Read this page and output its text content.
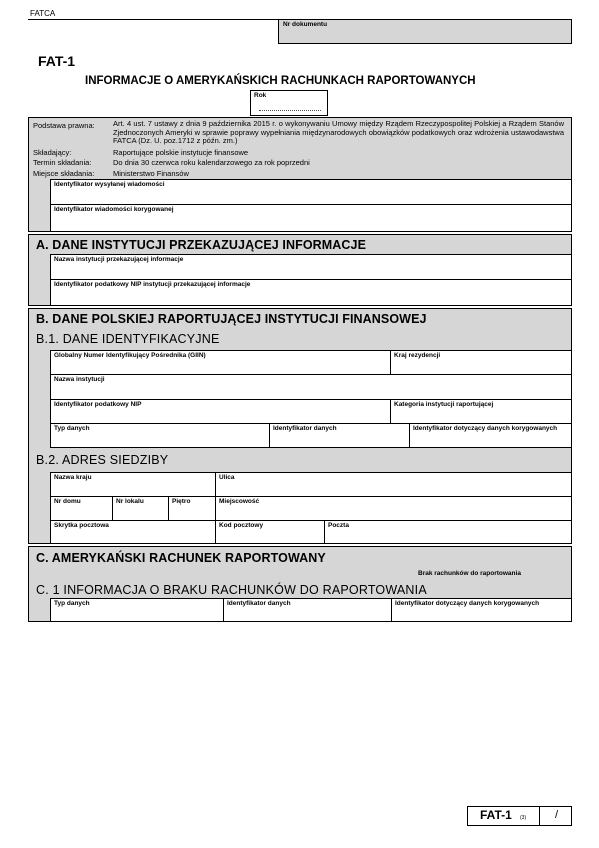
FATCA
Nr dokumentu
FAT-1
INFORMACJE O AMERYKAŃSKICH RACHUNKACH RAPORTOWANYCH
Rok
Podstawa prawna: Art. 4 ust. 7 ustawy z dnia 9 października 2015 r. o wykonywaniu Umowy między Rządem Rzeczypospolitej Polskiej a Rządem Stanów Zjednoczonych Ameryki w sprawie poprawy wypełniania międzynarodowych obowiązków podatkowych oraz wdrożenia ustawodawstwa FATCA (Dz. U. poz.1712 z późn. zm.)
Składający:	Raportujące polskie instytucje finansowe
Termin składania:	Do dnia 30 czerwca roku kalendarzowego za rok poprzedni
Miejsce składania: Ministerstwo Finansów
Identyfikator wysyłanej wiadomości
Identyfikator wiadomości korygowanej
A. DANE INSTYTUCJI PRZEKAZUJĄCEJ INFORMACJE
Nazwa instytucji przekazującej informacje
Identyfikator podatkowy NIP instytucji przekazującej informacje
B. DANE POLSKIEJ RAPORTUJĄCEJ INSTYTUCJI FINANSOWEJ
B.1. DANE IDENTYFIKACYJNE
Globalny Numer Identyfikujący Pośrednika (GIIN)	Kraj rezydencji
Nazwa instytucji
Identyfikator podatkowy NIP	Kategoria instytucji raportującej
Typ danych	Identyfikator danych	Identyfikator dotyczący danych korygowanych
B.2. ADRES SIEDZIBY
Nazwa kraju	Ulica
Nr domu	Nr lokalu	Piętro	Miejscowość
Skrytka pocztowa	Kod pocztowy	Poczta
C. AMERYKAŃSKI RACHUNEK RAPORTOWANY
Brak rachunków do raportowania
C. 1 INFORMACJA O BRAKU RACHUNKÓW DO RAPORTOWANIA
Typ danych	Identyfikator danych	Identyfikator dotyczący danych korygowanych
FAT-1 (3)	/
